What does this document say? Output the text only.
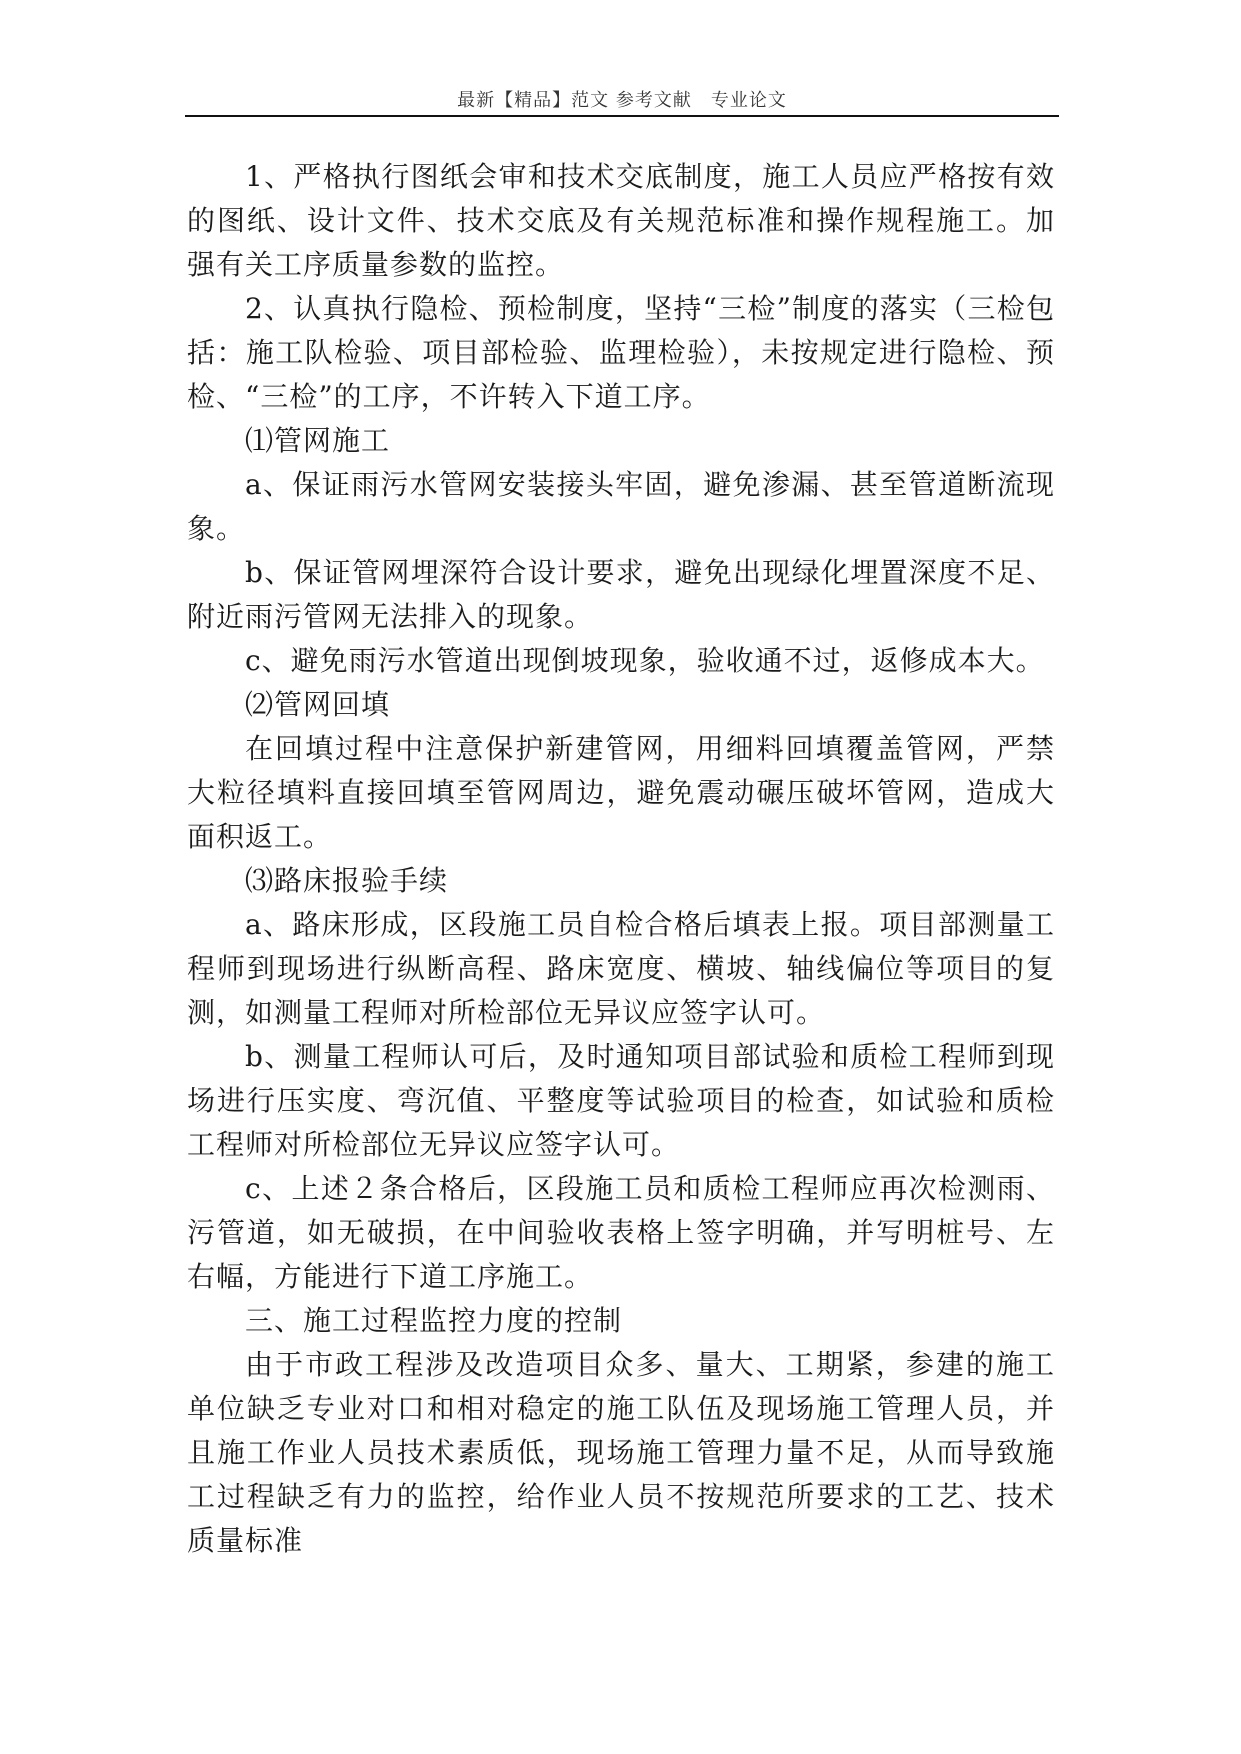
最新【精品】范文 参考文献　专业论文

1、严格执行图纸会审和技术交底制度，施工人员应严格按有效的图纸、设计文件、技术交底及有关规范标准和操作规程施工。加强有关工序质量参数的监控。

2、认真执行隐检、预检制度，坚持“三检”制度的落实（三检包括：施工队检验、项目部检验、监理检验），未按规定进行隐检、预检、“三检”的工序，不许转入下道工序。

⑴管网施工

a、保证雨污水管网安装接头牢固，避免渗漏、甚至管道断流现象。

b、保证管网埋深符合设计要求，避免出现绿化埋置深度不足、附近雨污管网无法排入的现象。

c、避免雨污水管道出现倒坡现象，验收通不过，返修成本大。

⑵管网回填

在回填过程中注意保护新建管网，用细料回填覆盖管网，严禁大粒径填料直接回填至管网周边，避免震动碾压破坏管网，造成大面积返工。

⑶路床报验手续

a、路床形成，区段施工员自检合格后填表上报。项目部测量工程师到现场进行纵断高程、路床宽度、横坡、轴线偏位等项目的复测，如测量工程师对所检部位无异议应签字认可。

b、测量工程师认可后，及时通知项目部试验和质检工程师到现场进行压实度、弯沉值、平整度等试验项目的检查，如试验和质检工程师对所检部位无异议应签字认可。

c、上述２条合格后，区段施工员和质检工程师应再次检测雨、污管道，如无破损，在中间验收表格上签字明确，并写明桩号、左右幅，方能进行下道工序施工。

三、施工过程监控力度的控制

由于市政工程涉及改造项目众多、量大、工期紧，参建的施工单位缺乏专业对口和相对稳定的施工队伍及现场施工管理人员，并且施工作业人员技术素质低，现场施工管理力量不足，从而导致施工过程缺乏有力的监控，给作业人员不按规范所要求的工艺、技术质量标准
